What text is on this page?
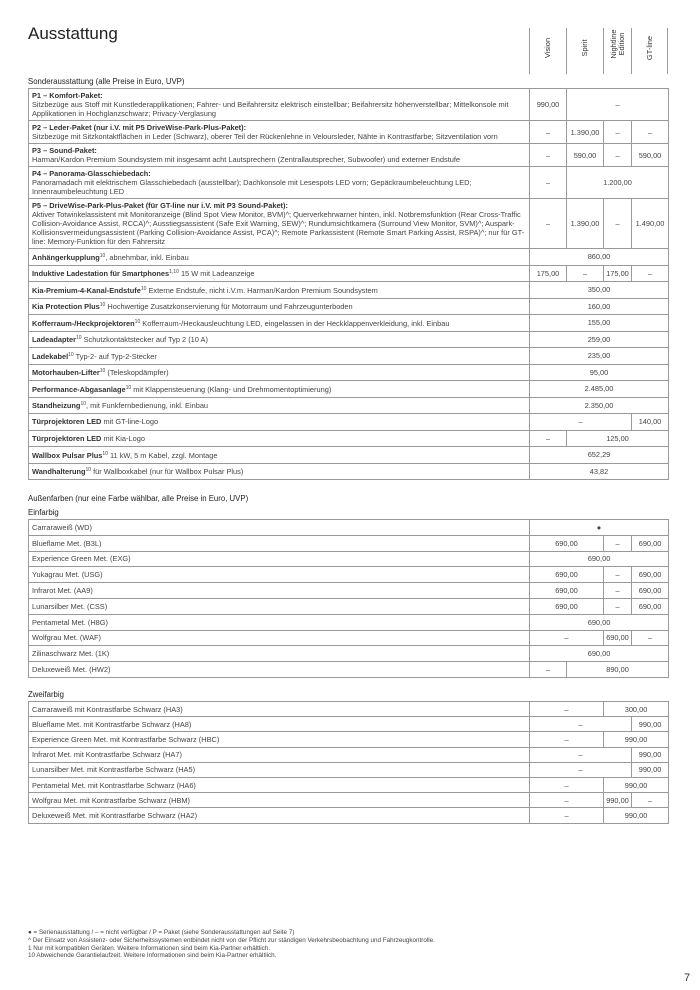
Ausstattung
Vision	Spirit	Nightline
Edition	GT-line
Sonderausstattung (alle Preise in Euro, UVP)
P1 – Komfort-Paket:
Sitzbezüge aus Stoff mit Kunstlederapplikationen; Fahrer- und Beifahrersitz elektrisch einstellbar; Beifahrersitz höhenverstellbar; Mittelkonsole mit Applikationen in Hochglanzschwarz; Privacy-Verglasung	990,00	–		
P2 – Leder-Paket (nur i.V. mit P5 DriveWise-Park-Plus-Paket):
Sitzbezüge mit Sitzkontaktflächen in Leder (Schwarz), oberer Teil der Rückenlehne in Veloursleder, Nähte in Kontrastfarbe; Sitzventilation vorn	–	1.390,00	–	–
P3 – Sound-Paket:
Harman/Kardon Premium Soundsystem mit insgesamt acht Lautsprechern (Zentrallautsprecher, Subwoofer) und externer Endstufe	–	590,00	–	590,00
P4 – Panorama-Glasschiebedach:
Panoramadach mit elektrischem Glasschiebedach (ausstellbar); Dachkonsole mit Lesespots LED vorn; Gepäckraumbeleuchtung LED; Innenraumbeleuchtung LED	–	1.200,00		
P5 – DriveWise-Park-Plus-Paket (für GT-line nur i.V. mit P3 Sound-Paket):
Aktiver Totwinkelassistent mit Monitoranzeige (Blind Spot View Monitor, BVM)^; Querverkehrwarner hinten, inkl. Notbremsfunktion (Rear Cross-Traffic Collision-Avoidance Assist, RCCA)^; Ausstiegsassistent (Safe Exit Warning, SEW)^; Rundumsichtkamera (Surround View Monitor, SVM)^; Auspark-Kollisionsvermeidungsassistent (Parking Collision-Avoidance Assist, PCA)^; Remote Parkassistent (Remote Smart Parking Assist, RSPA)^; nur für GT-line: Memory-Funktion für den Fahrersitz	–	1.390,00	–	1.490,00
Anhängerkupplung$^{10}$, abnehmbar, inkl. Einbau	860,00			
Induktive Ladestation für Smartphones$^{1,10}$ 15 W mit Ladeanzeige	175,00	–	175,00	–
Kia-Premium-4-Kanal-Endstufe$^{10}$ Externe Endstufe, nicht i.V.m. Harman/Kardon Premium Soundsystem	350,00			
Kia Protection Plus$^{10}$ Hochwertige Zusatzkonservierung für Motorraum und Fahrzeugunterboden	160,00			
Kofferraum-/Heckprojektoren$^{10}$ Kofferraum-/Heckausleuchtung LED, eingelassen in der Heckklappenverkleidung, inkl. Einbau	155,00			
Ladeadapter$^{10}$ Schutzkontaktstecker auf Typ 2 (10 A)	259,00			
Ladekabel$^{10}$ Typ-2- auf Typ-2-Stecker	235,00			
Motorhauben-Lifter$^{10}$ (Teleskopdämpfer)	95,00			
Performance-Abgasanlage$^{10}$ mit Klappensteuerung (Klang- und Drehmomentoptimierung)	2.485,00			
Standheizung$^{10}$, mit Funkfernbedienung, inkl. Einbau	2.350,00			
Türprojektoren LED mit GT-line-Logo	–			140,00
Türprojektoren LED mit Kia-Logo	–	125,00		
Wallbox Pulsar Plus$^{10}$ 11 kW, 5 m Kabel, zzgl. Montage	652,29			
Wandhalterung$^{10}$ für Wallboxkabel (nur für Wallbox Pulsar Plus)	43,82			
Außenfarben (nur eine Farbe wählbar, alle Preise in Euro, UVP)
Einfarbig
Carraraweiß (WD)	●			
Blueflame Met. (B3L)	690,00		–	690,00
Experience Green Met. (EXG)	690,00			
Yukagrau Met. (USG)	690,00		–	690,00
Infrarot Met. (AA9)	690,00		–	690,00
Lunarsilber Met. (CSS)	690,00		–	690,00
Pentametal Met. (H8G)	690,00			
Wolfgrau Met. (WAF)	–		690,00	–
Zilinaschwarz Met. (1K)	690,00			
Deluxeweiß Met. (HW2)	–	890,00		
Zweifarbig
Carraraweiß mit Kontrastfarbe Schwarz (HA3)	–	300,00	
Blueflame Met. mit Kontrastfarbe Schwarz (HA8)	–		990,00
Experience Green Met. mit Kontrastfarbe Schwarz (HBC)	–	990,00	
Infrarot Met. mit Kontrastfarbe Schwarz (HA7)	–		990,00
Lunarsilber Met. mit Kontrastfarbe Schwarz (HA5)	–		990,00
Pentametal Met. mit Kontrastfarbe Schwarz (HA6)	–	990,00	
Wolfgrau Met. mit Kontrastfarbe Schwarz (HBM)	–	990,00	–
Deluxeweiß Met. mit Kontrastfarbe Schwarz (HA2)	–	990,00	
● = Serienausstattung / – = nicht verfügbar / P = Paket (siehe Sonderausstattungen auf Seite 7)
^ Der Einsatz von Assistenz- oder Sicherheitssystemen entbindet nicht von der Pflicht zur ständigen Verkehrsbeobachtung und Fahrzeugkontrolle.
1 Nur mit kompatiblen Geräten. Weitere Informationen sind beim Kia-Partner erhältlich.
10 Abweichende Garantielaufzeit. Weitere Informationen sind beim Kia-Partner erhältlich.
7
